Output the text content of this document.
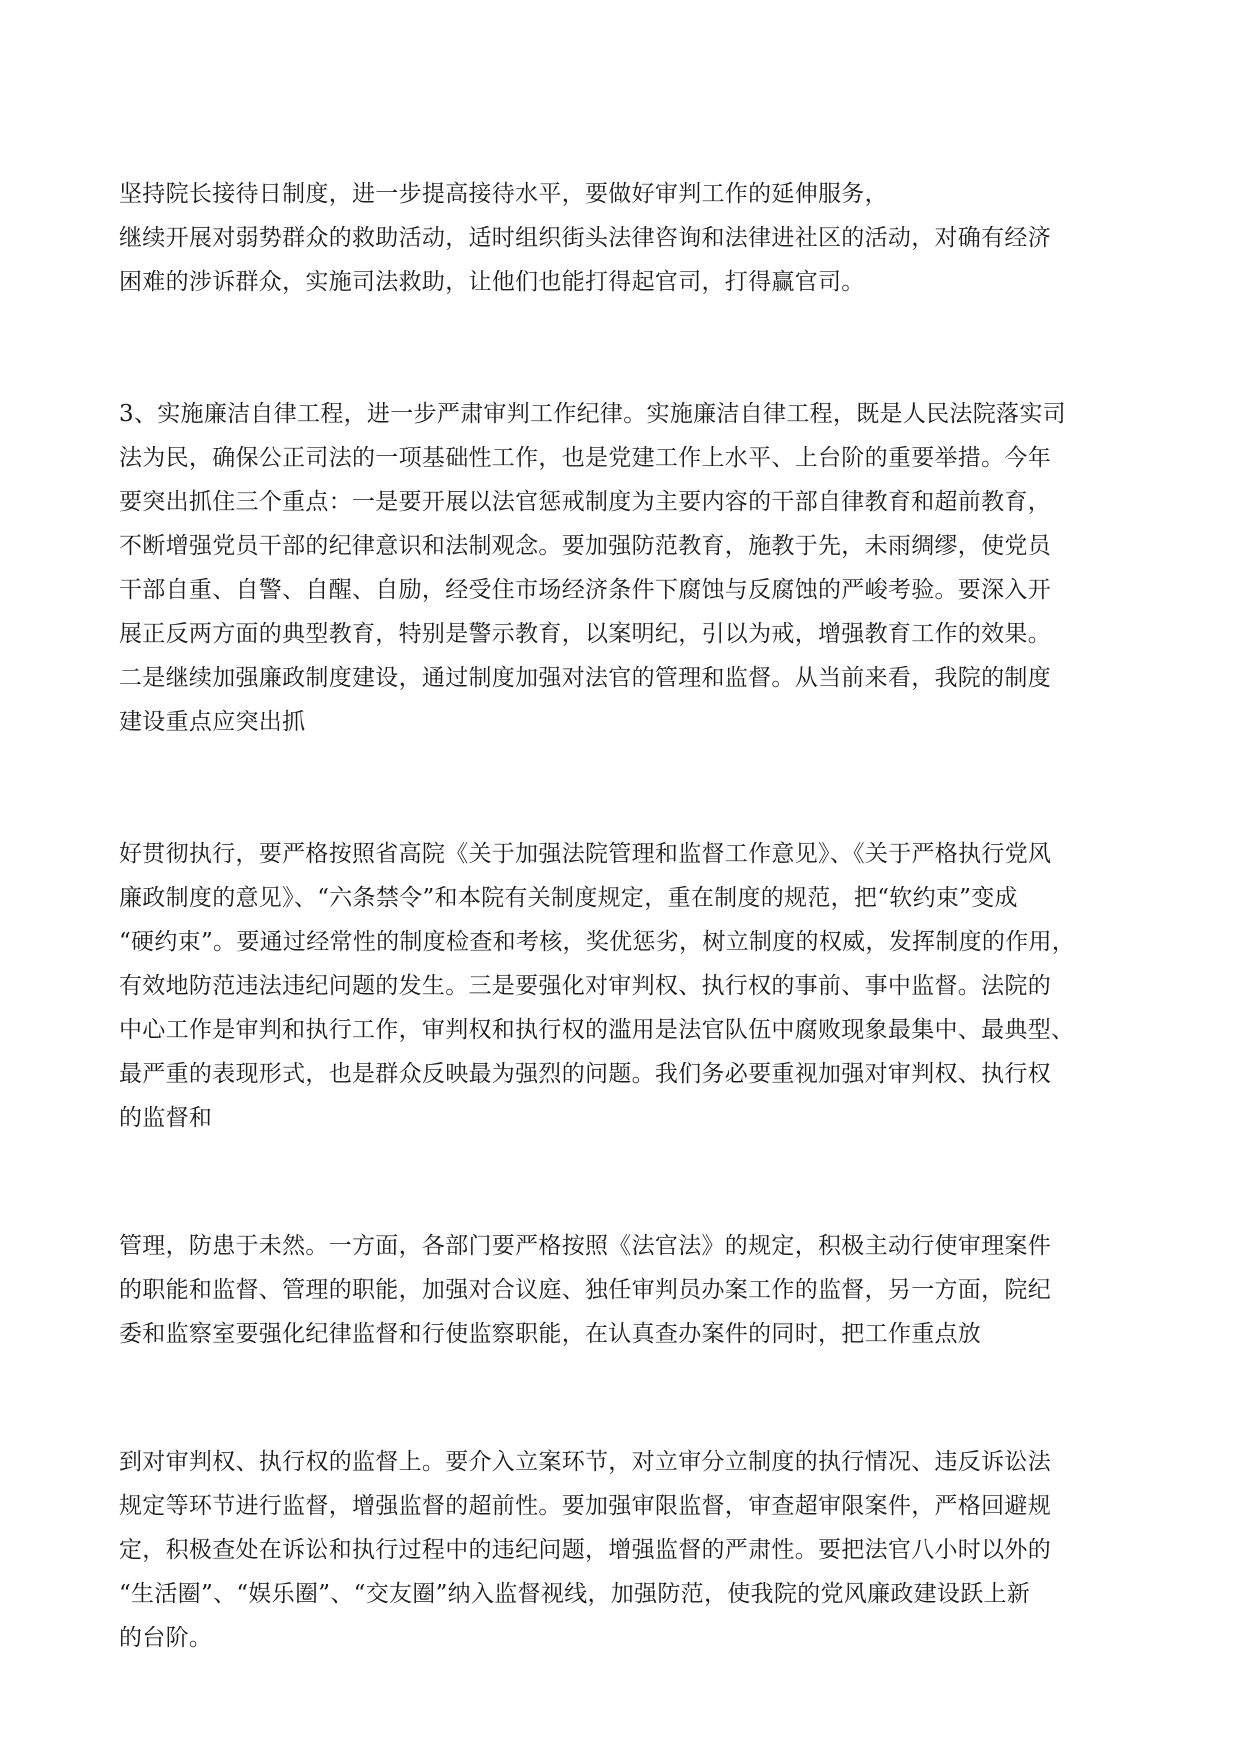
坚持院长接待日制度，进一步提高接待水平，要做好审判工作的延伸服务，
继续开展对弱势群众的救助活动，适时组织街头法律咨询和法律进社区的活动，对确有经济
困难的涉诉群众，实施司法救助，让他们也能打得起官司，打得赢官司。

3、实施廉洁自律工程，进一步严肃审判工作纪律。实施廉洁自律工程，既是人民法院落实司
法为民，确保公正司法的一项基础性工作，也是党建工作上水平、上台阶的重要举措。今年
要突出抓住三个重点：一是要开展以法官惩戒制度为主要内容的干部自律教育和超前教育，
不断增强党员干部的纪律意识和法制观念。要加强防范教育，施教于先，未雨绸缪，使党员
干部自重、自警、自醒、自励，经受住市场经济条件下腐蚀与反腐蚀的严峻考验。要深入开
展正反两方面的典型教育，特别是警示教育，以案明纪，引以为戒，增强教育工作的效果。
二是继续加强廉政制度建设，通过制度加强对法官的管理和监督。从当前来看，我院的制度
建设重点应突出抓

好贯彻执行，要严格按照省高院《关于加强法院管理和监督工作意见》、《关于严格执行党风
廉政制度的意见》、“六条禁令”和本院有关制度规定，重在制度的规范，把“软约束”变成
“硬约束”。要通过经常性的制度检查和考核，奖优惩劣，树立制度的权威，发挥制度的作用，
有效地防范违法违纪问题的发生。三是要强化对审判权、执行权的事前、事中监督。法院的
中心工作是审判和执行工作，审判权和执行权的滥用是法官队伍中腐败现象最集中、最典型、
最严重的表现形式，也是群众反映最为强烈的问题。我们务必要重视加强对审判权、执行权
的监督和

管理，防患于未然。一方面，各部门要严格按照《法官法》的规定，积极主动行使审理案件
的职能和监督、管理的职能，加强对合议庭、独任审判员办案工作的监督，另一方面，院纪
委和监察室要强化纪律监督和行使监察职能，在认真查办案件的同时，把工作重点放

到对审判权、执行权的监督上。要介入立案环节，对立审分立制度的执行情况、违反诉讼法
规定等环节进行监督，增强监督的超前性。要加强审限监督，审查超审限案件，严格回避规
定，积极查处在诉讼和执行过程中的违纪问题，增强监督的严肃性。要把法官八小时以外的
“生活圈”、“娱乐圈”、“交友圈”纳入监督视线，加强防范，使我院的党风廉政建设跃上新
的台阶。
